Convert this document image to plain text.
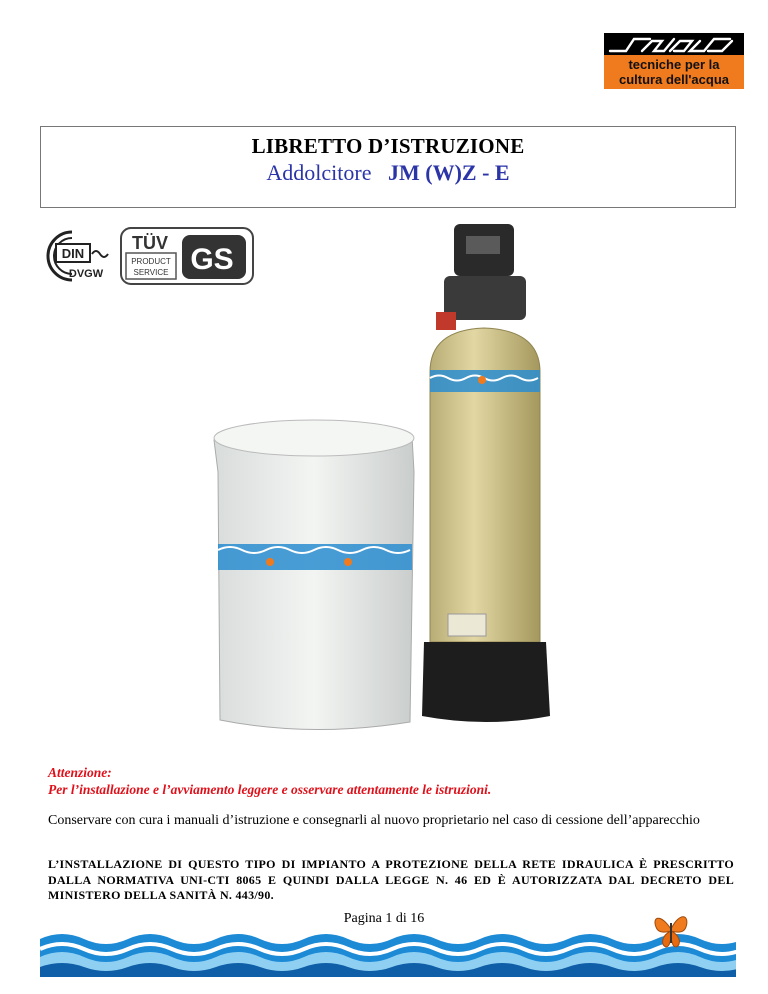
tecniche per la
cultura dell'acqua
LIBRETTO D’ISTRUZIONE
Addolcitore JM (W)Z - E
DIN
DVGW
TÜV
PRODUCT
SERVICE GS
Attenzione:
Per l’installazione e l’avviamento leggere e osservare attentamente le istruzioni.
Conservare con cura i manuali d’istruzione e consegnarli al nuovo proprietario nel caso di cessione dell’apparecchio
L’INSTALLAZIONE DI QUESTO TIPO DI IMPIANTO A PROTEZIONE DELLA RETE IDRAULICA È PRESCRITTO DALLA NORMATIVA UNI-CTI 8065 E QUINDI DALLA LEGGE N. 46 ED È AUTORIZZATA DAL DECRETO DEL MINISTERO DELLA SANITÀ N. 443/90.
Pagina 1 di 16
